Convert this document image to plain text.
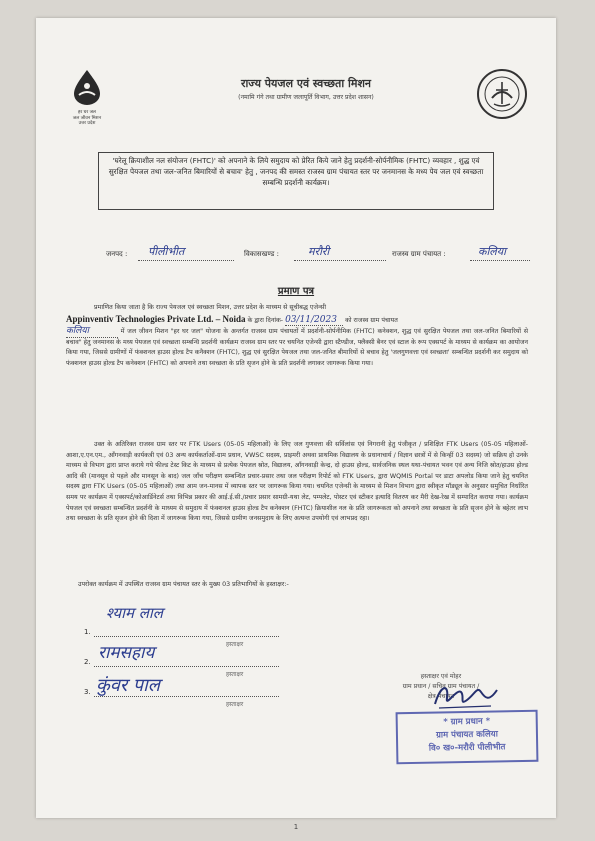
हर घर जल
जल जीवन मिशन
उत्तर प्रदेश
राज्य पेयजल एवं स्वच्छता मिशन
(नमामि गंगे तथा ग्रामीण जलापूर्ति विभाग, उत्तर प्रदेश शासन)
'घरेलू क्रियाशील नल संयोजन (FHTC)' को अपनाने के लिये समुदाय को प्रेरित किये जाने हेतु प्रदर्शनी-सोर्पनीमिक (FHTC) व्यवहार , शुद्ध एवं सुरक्षित पेयजल तथा जल-जनित बिमारियों से बचाव' हेतु , जनपद की समस्त राजस्व ग्राम पंचायत स्तर पर जनमानस के मध्य पेय जल एवं स्वच्छता सम्बन्धि प्रदर्शनी कार्यक्रम।
जनपद : पीलीभीत	विकासखण्ड :	मरौरी	राजस्व ग्राम पंचायत :	कलिया
प्रमाण पत्र
प्रमाणित किया जाता है कि राज्य पेयजल एवं स्वच्छता मिशन, उत्तर प्रदेश के माध्यम से सूचीबद्ध एजेन्सी
Appinventiv Technologies Private Ltd. – Noida के द्वारा दिनांक- 03/11/2023 को राजस्व ग्राम पंचायत
कलिया	में जल जीवन मिशन "हर घर जल" योजना के अन्तर्गत राजस्व ग्राम पंचायतों में प्रदर्शनी-सोर्पनीमिक (FHTC) कनेक्शन, शुद्ध एवं सुरक्षित पेयजल तथा जल-जनित बिमारियों से बचाव" हेतु जनमानस के मध्य पेयजल एवं स्वच्छता सम्बन्धि प्रदर्शनी कार्यक्रम राजस्व ग्राम स्तर पर चयनित एजेन्सी द्वारा स्टैण्डीज, फ्लैक्सी बैनर एवं स्टाल के रूप एक्सपर्ट के माध्यम से कार्यक्रम का आयोजन किया गया, जिससे ग्रामीणों में फंक्शनल हाउस होल्ड टैप कनैक्शन (FHTC), शुद्ध एवं सुरक्षित पेयजल तथा जल-जनित बीमारियों से बचाव हेतु 'जलगुणवत्ता एवं स्वच्छता' सम्बन्धित प्रदर्शनी कर समुदाय को फंक्शनल हाउस होल्ड टैप कनेक्शन (FHTC) को अपनाने तथा स्वच्छता के प्रति सृजन होने के प्रति प्रदर्शनी लगाकर जागरूक किया गया।
उक्त के अतिरिक्त राजस्व ग्राम स्तर पर FTK Users (05-05 महिलाओं) के लिए जल गुणवत्ता की सर्विलांस एवं निगरानी हेतु पंजीकृत / प्रशिक्षित FTK Users (05-05 महिलाओं-आशा,ए.एन.एम., आँगनवाड़ी कार्यकत्री एवं 03 अन्य कार्यकर्ताओं-ग्राम प्रधान, VWSC सदस्य, प्राइमरी अथवा प्राथमिक विद्यालय के प्रधानाचार्य / विज्ञान छात्रों में से किन्हीं 03 सदस्य) जो सक्रिय हो उनके माध्यम से विभाग द्वारा प्राप्त कराये गये फील्ड टेस्ट किट के माध्यम से प्रत्येक पेयजल स्रोत, विद्यालय, आँगनवाड़ी केन्द्र, दो हाउस होल्ड, सार्वजनिक स्थल यथा-पंचायत भवन एवं अन्य निजि स्रोत/हाउस होल्ड आदि की (मानसून से पहले और मानसून के बाद) जल जाँच परीक्षण सम्बन्धित प्रचार-प्रसार तथा जल परीक्षण रिपोर्ट को FTK Users, द्वारा WQMIS Portal पर डाटा अपलोड किया जाने हेतु चयनित सदस्य द्वारा FTK Users (05-05 महिलाओं) तथा आम जन-मानस में व्यापक स्तर पर जागरूक किया गया। चयनित एजेन्सी के माध्यम से मिशन विभाग द्वारा स्वीकृत मॉड्यूल के अनुसार समुचित निर्धारित समय पर कार्यक्रम में एक्सपर्ट/कोआर्डिनेटर्स तथा विभिन्न प्रकार की आई.ई.सी./प्रचार प्रसार सामग्री-यथा लेट, पम्पलेट, पोस्टर एवं स्टीकर इत्यादि वितरण कर मैरी देख-रेख में सम्पादित कराया गया। कार्यक्रम पेयजल एवं स्वच्छता सम्बन्धित प्रदर्शनी के माध्यम से समुदाय में फंक्शनल हाउस होल्ड टैप कनेक्शन (FHTC) क्रियाशील नल के प्रति जागरूकता को अपनाने तथा स्वच्छता के प्रति सृजन होने के बहेतर लाभ तथा स्वच्छता के प्रति सृजन होने की दिशा में जागरूक किया गया, जिससे ग्रामीण जनसमुदाय के लिए अत्यन्त उपयोगी एवं लाभप्रद रहा।
उपरोक्त कार्यक्रम में उपस्थित राजस्व ग्राम पंचायत स्तर के मुख्य 03 प्रतिभागियों के हस्ताक्षर:-
श्याम लाल
1.
हस्ताक्षर
रामसहाय
2.
हस्ताक्षर
कुंवर पाल
3.
हस्ताक्षर
हस्ताक्षर एवं मोहर
ग्राम प्रधान / सचिव ग्राम पंचायत /
क्षेत्र पंचायत
* ग्राम प्रधान *
ग्राम पंचायत कलिया
वि० ख०-मरौरी पीलीभीत
1
